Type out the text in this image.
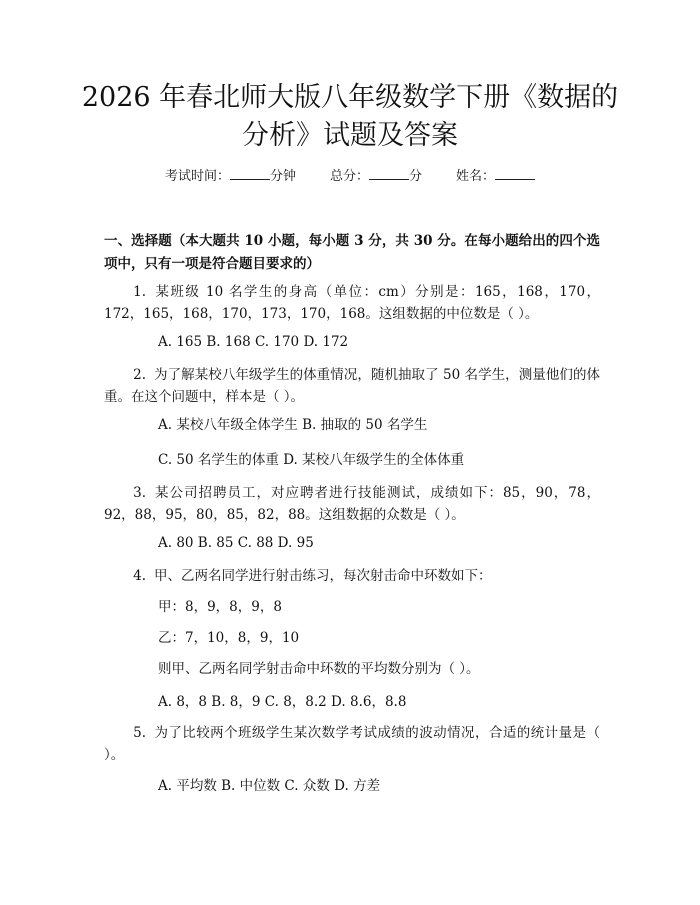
2026 年春北师大版八年级数学下册《数据的
分析》试题及答案
考试时间：	分钟	总分：	分	姓名：
一、选择题（本大题共 10 小题，每小题 3 分，共 30 分。在每小题给出的四个选项中，只有一项是符合题目要求的）
1. 某班级 10 名学生的身高（单位：cm）分别是：165，168，170，172，165，168，170，173，170，168。这组数据的中位数是（ ）。
A. 165 B. 168 C. 170 D. 172
2. 为了解某校八年级学生的体重情况，随机抽取了 50 名学生，测量他们的体重。在这个问题中，样本是（ ）。
A. 某校八年级全体学生 B. 抽取的 50 名学生
C. 50 名学生的体重 D. 某校八年级学生的全体体重
3. 某公司招聘员工，对应聘者进行技能测试，成绩如下：85，90，78，92，88，95，80，85，82，88。这组数据的众数是（ ）。
A. 80 B. 85 C. 88 D. 95
4. 甲、乙两名同学进行射击练习，每次射击命中环数如下：
甲：8，9，8，9，8
乙：7，10，8，9，10
则甲、乙两名同学射击命中环数的平均数分别为（ ）。
A. 8，8 B. 8，9 C. 8，8.2 D. 8.6，8.8
5. 为了比较两个班级学生某次数学考试成绩的波动情况，合适的统计量是（ ）。
A. 平均数 B. 中位数 C. 众数 D. 方差
